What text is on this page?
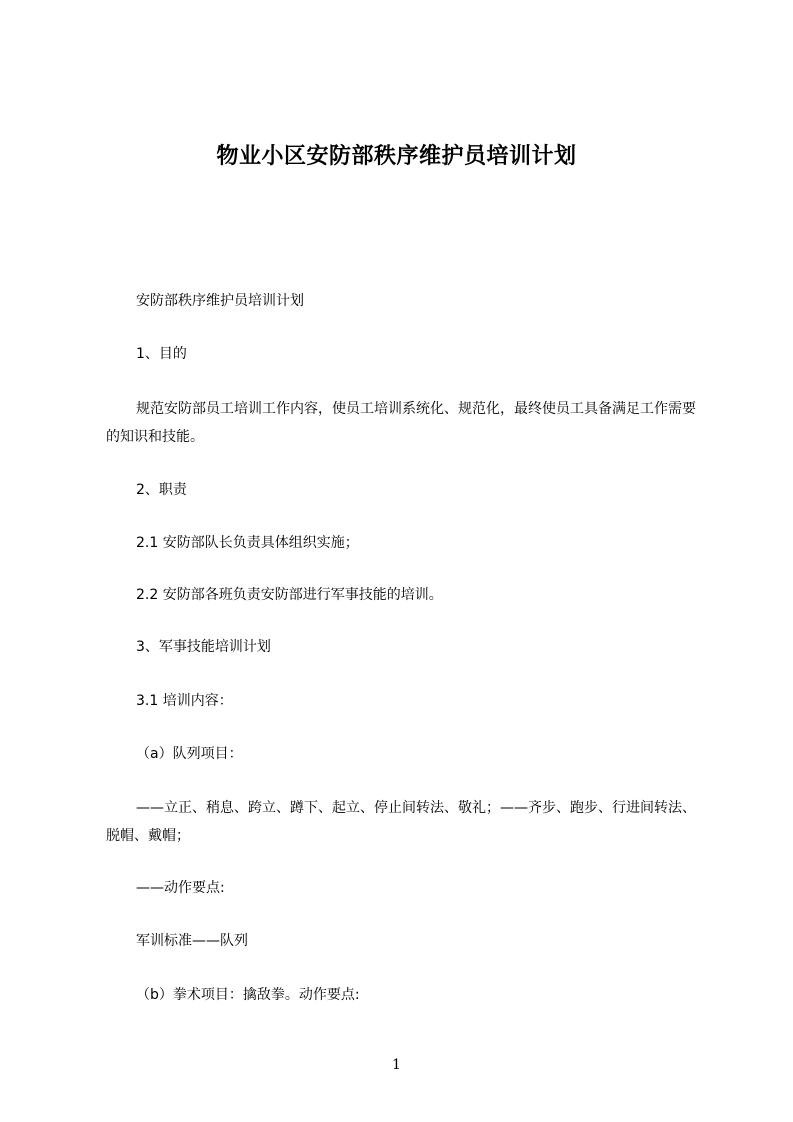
物业小区安防部秩序维护员培训计划
安防部秩序维护员培训计划
1、目的
规范安防部员工培训工作内容，使员工培训系统化、规范化，最终使员工具备满足工作需要的知识和技能。
2、职责
2.1 安防部队长负责具体组织实施；
2.2 安防部各班负责安防部进行军事技能的培训。
3、军事技能培训计划
3.1 培训内容：
（a）队列项目：
——立正、稍息、跨立、蹲下、起立、停止间转法、敬礼；——齐步、跑步、行进间转法、脱帽、戴帽；
——动作要点:
军训标准——队列
（b）拳术项目：擒敌拳。动作要点:
1
